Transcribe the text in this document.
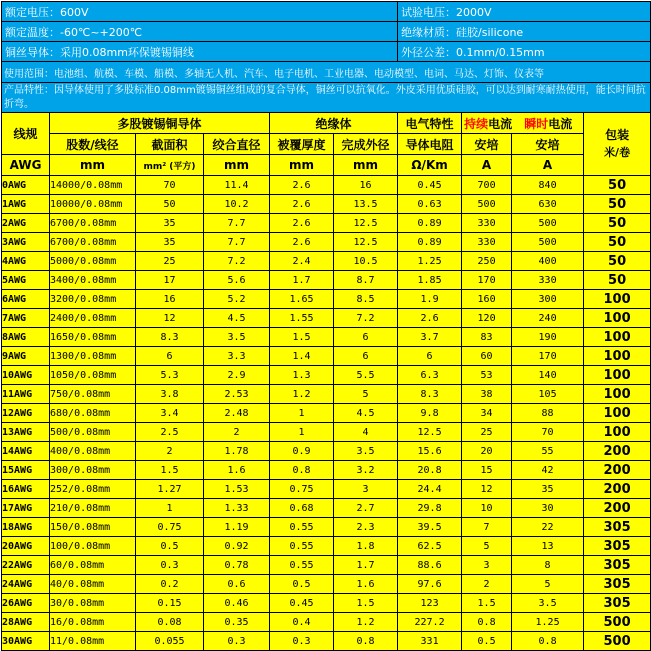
额定电压：600V						试验电压：2000V			
额定温度：-60℃~+200℃						绝缘材质：硅胶/silicone			
铜丝导体：采用0.08mm环保镀锡铜线						外径公差：0.1mm/0.15mm			
使用范围：电池组、航模、车模、船模、多轴无人机、汽车、电子电机、工业电器、电动模型、电词、马达、灯饰、仪表等									
产品特性：因导体使用了多股标准0.08mm镀锡铜丝组成的复合导体，铜丝可以抗氧化。外皮采用优质硅胶，可以达到耐寒耐热使用，能长时间抗折弯。									
线规	多股镀锡铜导体			绝缘体		电气特性	持续电流 瞬时电流		包装
米/卷

	股数/线径	截面积	绞合直径	被覆厚度	完成外径	导体电阻	安培	安培	
AWG	mm	mm² (平方)	mm	mm	mm	Ω/Km	A	A	
0AWG	14000/0.08mm	70	11.4	2.6	16	0.45	700	840	50
1AWG	10000/0.08mm	50	10.2	2.6	13.5	0.63	500	630	50
2AWG	6700/0.08mm	35	7.7	2.6	12.5	0.89	330	500	50
3AWG	6700/0.08mm	35	7.7	2.6	12.5	0.89	330	500	50
4AWG	5000/0.08mm	25	7.2	2.4	10.5	1.25	250	400	50
5AWG	3400/0.08mm	17	5.6	1.7	8.7	1.85	170	330	50
6AWG	3200/0.08mm	16	5.2	1.65	8.5	1.9	160	300	100
7AWG	2400/0.08mm	12	4.5	1.55	7.2	2.6	120	240	100
8AWG	1650/0.08mm	8.3	3.5	1.5	6	3.7	83	190	100
9AWG	1300/0.08mm	6	3.3	1.4	6	6	60	170	100
10AWG	1050/0.08mm	5.3	2.9	1.3	5.5	6.3	53	140	100
11AWG	750/0.08mm	3.8	2.53	1.2	5	8.3	38	105	100
12AWG	680/0.08mm	3.4	2.48	1	4.5	9.8	34	88	100
13AWG	500/0.08mm	2.5	2	1	4	12.5	25	70	100
14AWG	400/0.08mm	2	1.78	0.9	3.5	15.6	20	55	200
15AWG	300/0.08mm	1.5	1.6	0.8	3.2	20.8	15	42	200
16AWG	252/0.08mm	1.27	1.53	0.75	3	24.4	12	35	200
17AWG	210/0.08mm	1	1.33	0.68	2.7	29.8	10	30	200
18AWG	150/0.08mm	0.75	1.19	0.55	2.3	39.5	7	22	305
20AWG	100/0.08mm	0.5	0.92	0.55	1.8	62.5	5	13	305
22AWG	60/0.08mm	0.3	0.78	0.55	1.7	88.6	3	8	305
24AWG	40/0.08mm	0.2	0.6	0.5	1.6	97.6	2	5	305
26AWG	30/0.08mm	0.15	0.46	0.45	1.5	123	1.5	3.5	305
28AWG	16/0.08mm	0.08	0.35	0.4	1.2	227.2	0.8	1.25	500
30AWG	11/0.08mm	0.055	0.3	0.3	0.8	331	0.5	0.8	500
